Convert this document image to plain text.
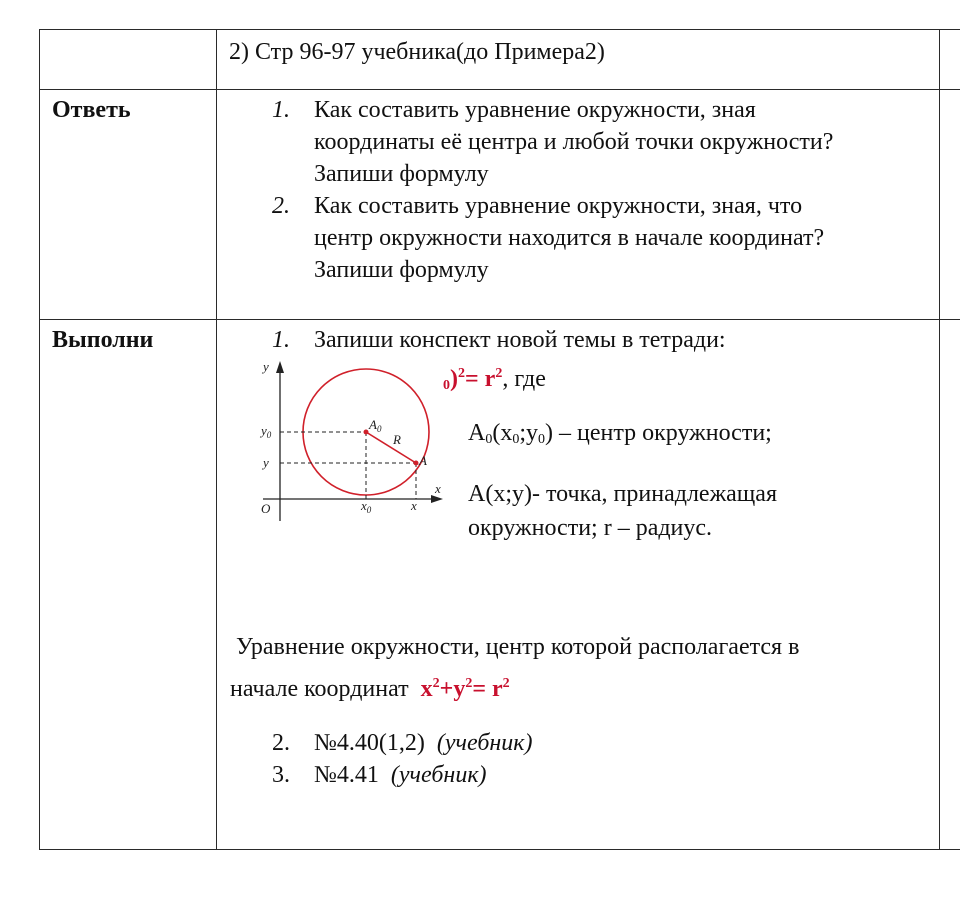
2) Стр 96-97 учебника(до Примера2)
Ответь	1. Как составить уравнение окружности, зная
координаты её центра и любой точки окружности?
Запиши формулу
2. Как составить уравнение окружности, зная, что
центр окружности находится в начале координат?
Запиши формулу
Выполни	1. Запиши конспект новой темы в тетради:
$_0)^2= r^2$, где
$A_0(x_0;y_0)$ – центр окружности;
A(x;y)- точка, принадлежащая
окружности; r – радиус.
y
x
O
$A_0$
R
A
$y_0$
y
$x_0$	x
Уравнение окружности, центр которой располагается в
начале координат $x^2+y^2= r^2$
2. №4.40(1,2) (учебник)
3. №4.41 (учебник)
